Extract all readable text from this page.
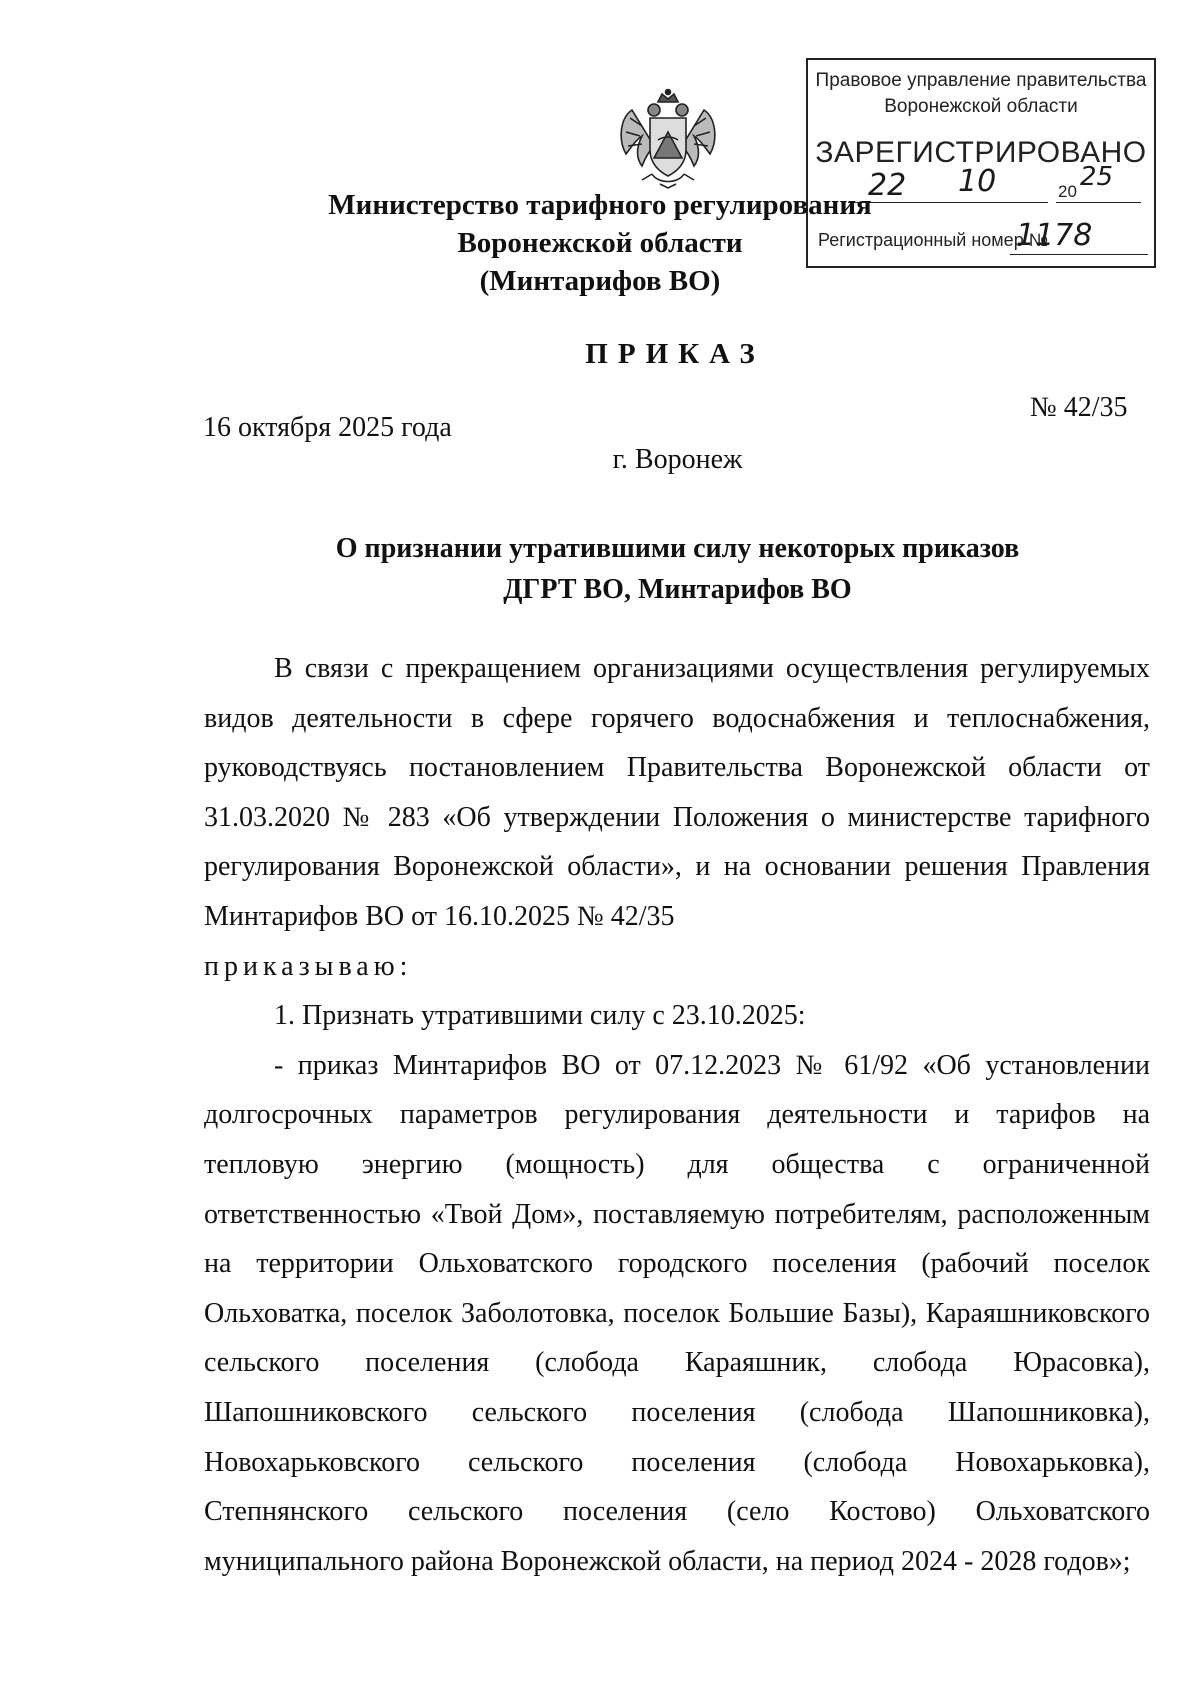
Правовое управление правительства
Воронежской области
ЗАРЕГИСТРИРОВАНО
22 10	20 25
Регистрационный номер №
1178
Министерство тарифного регулирования
Воронежской области
(Минтарифов ВО)
ПРИКАЗ
16 октября 2025 года
№ 42/35
г. Воронеж
О признании утратившими силу некоторых приказов
ДГРТ ВО, Минтарифов ВО

В связи с прекращением организациями осуществления регулируемых видов деятельности в сфере горячего водоснабжения и теплоснабжения, руководствуясь постановлением Правительства Воронежской области от 31.03.2020 № 283 «Об утверждении Положения о министерстве тарифного регулирования Воронежской области», и на основании решения Правления Минтарифов ВО от 16.10.2025 № 42/35

приказываю:

1. Признать утратившими силу с 23.10.2025:

- приказ Минтарифов ВО от 07.12.2023 № 61/92 «Об установлении долгосрочных параметров регулирования деятельности и тарифов на тепловую энергию (мощность) для общества с ограниченной ответственностью «Твой Дом», поставляемую потребителям, расположенным на территории Ольховатского городского поселения (рабочий поселок Ольховатка, поселок Заболотовка, поселок Большие Базы), Караяшниковского сельского поселения (слобода Караяшник, слобода Юрасовка), Шапошниковского сельского поселения (слобода Шапошниковка), Новохарьковского сельского поселения (слобода Новохарьковка), Степнянского сельского поселения (село Костово) Ольховатского муниципального района Воронежской области, на период 2024 - 2028 годов»;
